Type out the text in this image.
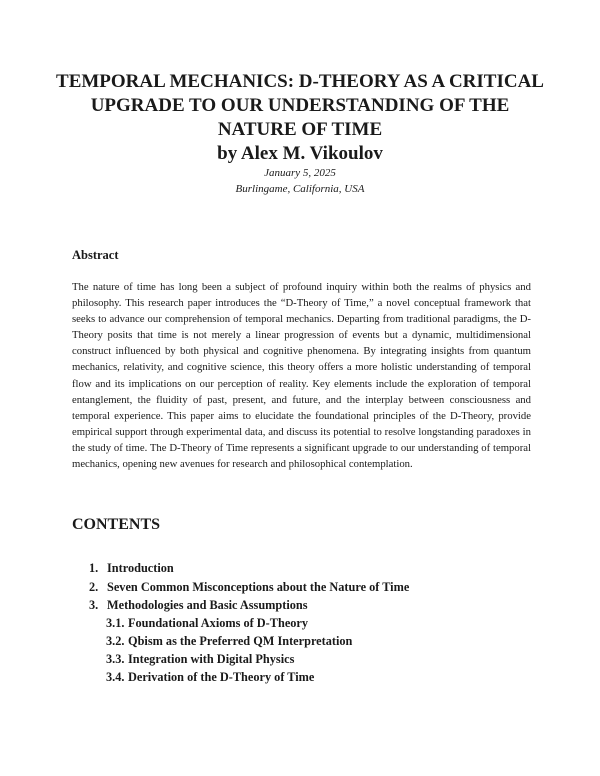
TEMPORAL MECHANICS: D-THEORY AS A CRITICAL
UPGRADE TO OUR UNDERSTANDING OF THE
NATURE OF TIME
by Alex M. Vikoulov
January 5, 2025
Burlingame, California, USA
Abstract

The nature of time has long been a subject of profound inquiry within both the realms of physics and philosophy. This research paper introduces the “D-Theory of Time,” a novel conceptual framework that seeks to advance our comprehension of temporal mechanics. Departing from traditional paradigms, the D-Theory posits that time is not merely a linear progression of events but a dynamic, multidimensional construct influenced by both physical and cognitive phenomena. By integrating insights from quantum mechanics, relativity, and cognitive science, this theory offers a more holistic understanding of temporal flow and its implications on our perception of reality. Key elements include the exploration of temporal entanglement, the fluidity of past, present, and future, and the interplay between consciousness and temporal experience. This paper aims to elucidate the foundational principles of the D-Theory, provide empirical support through experimental data, and discuss its potential to resolve longstanding paradoxes in the study of time. The D-Theory of Time represents a significant upgrade to our understanding of temporal mechanics, opening new avenues for research and philosophical contemplation.

CONTENTS
1. Introduction
2. Seven Common Misconceptions about the Nature of Time
3. Methodologies and Basic Assumptions
3.1. Foundational Axioms of D-Theory
3.2. Qbism as the Preferred QM Interpretation
3.3. Integration with Digital Physics
3.4. Derivation of the D-Theory of Time
